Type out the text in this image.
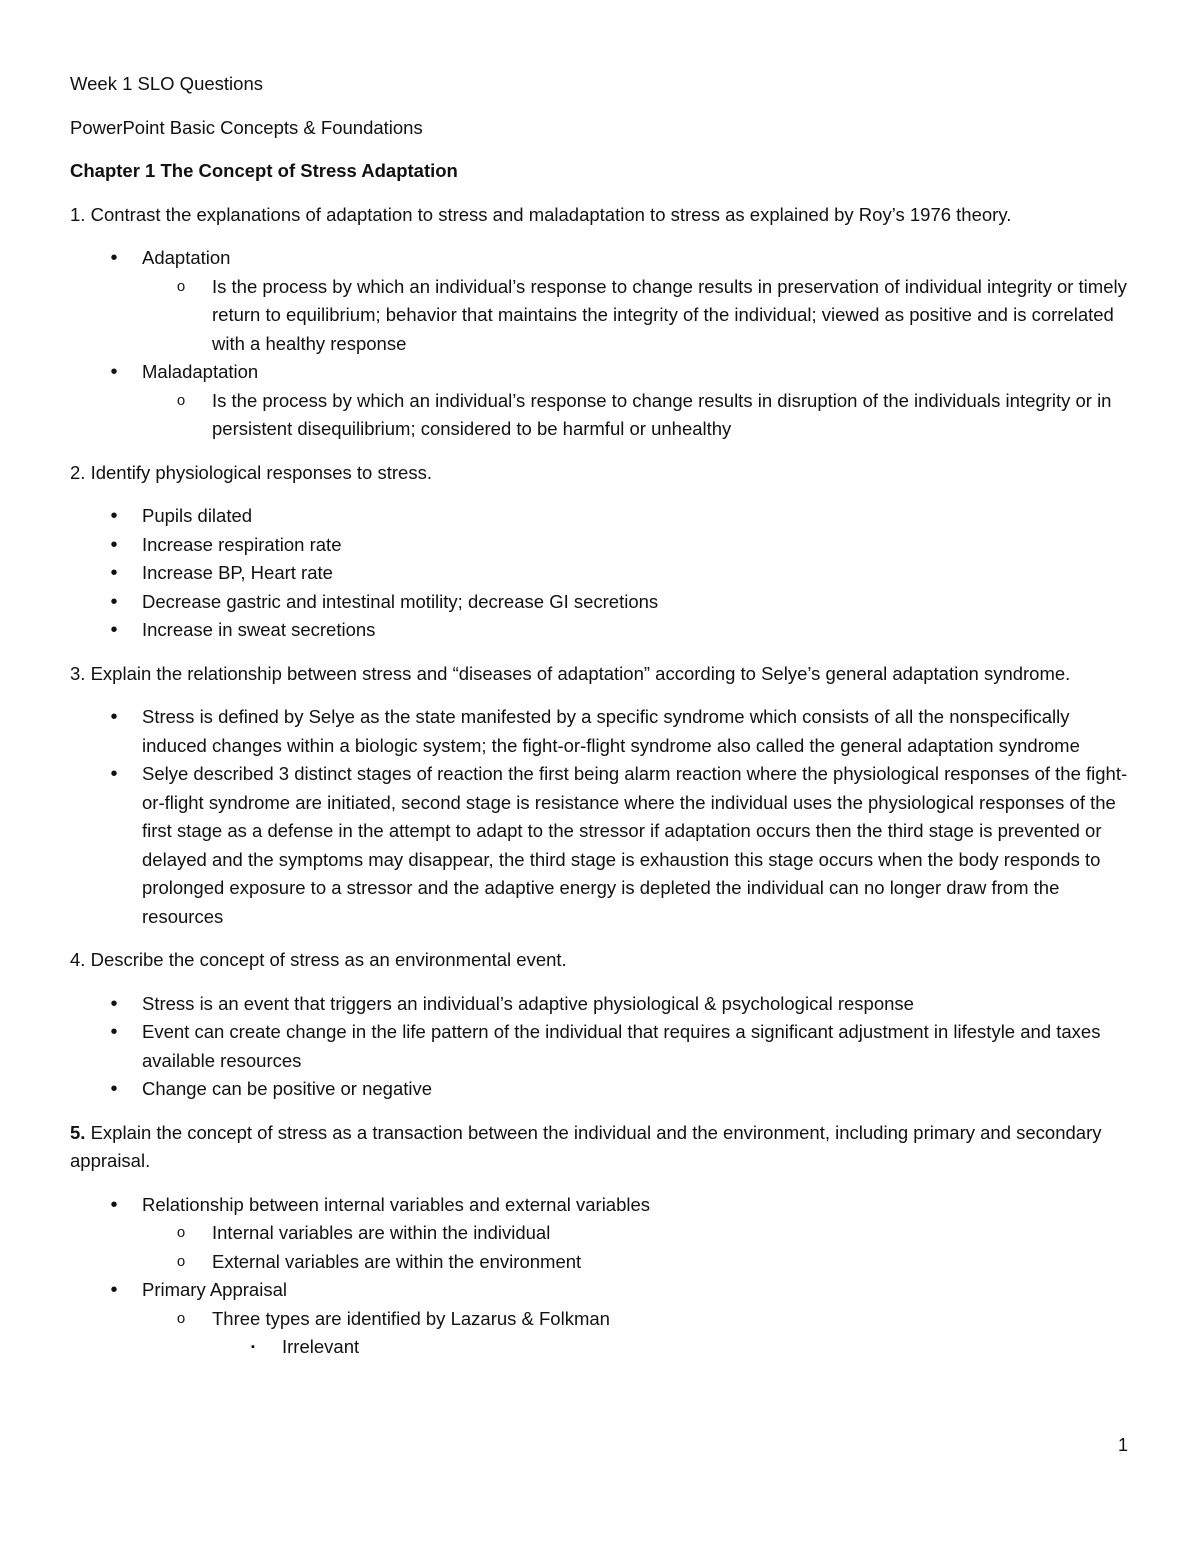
Week 1 SLO Questions

PowerPoint Basic Concepts & Foundations

Chapter 1 The Concept of Stress Adaptation

1. Contrast the explanations of adaptation to stress and maladaptation to stress as explained by Roy’s 1976 theory.

•	Adaptation
o	Is the process by which an individual’s response to change results in preservation of individual integrity or timely return to equilibrium; behavior that maintains the integrity of the individual; viewed as positive and is correlated with a healthy response
•	Maladaptation
o	Is the process by which an individual’s response to change results in disruption of the individuals integrity or in persistent disequilibrium; considered to be harmful or unhealthy

2. Identify physiological responses to stress.

•	Pupils dilated
•	Increase respiration rate
•	Increase BP, Heart rate
•	Decrease gastric and intestinal motility; decrease GI secretions
•	Increase in sweat secretions

3. Explain the relationship between stress and “diseases of adaptation” according to Selye’s general adaptation syndrome.

•	Stress is defined by Selye as the state manifested by a specific syndrome which consists of all the nonspecifically induced changes within a biologic system; the fight-or-flight syndrome also called the general adaptation syndrome
•	Selye described 3 distinct stages of reaction the first being alarm reaction where the physiological responses of the fight-or-flight syndrome are initiated, second stage is resistance where the individual uses the physiological responses of the first stage as a defense in the attempt to adapt to the stressor if adaptation occurs then the third stage is prevented or delayed and the symptoms may disappear, the third stage is exhaustion this stage occurs when the body responds to prolonged exposure to a stressor and the adaptive energy is depleted the individual can no longer draw from the resources

4. Describe the concept of stress as an environmental event.

•	Stress is an event that triggers an individual’s adaptive physiological & psychological response
•	Event can create change in the life pattern of the individual that requires a significant adjustment in lifestyle and taxes available resources
•	Change can be positive or negative

5. Explain the concept of stress as a transaction between the individual and the environment, including primary and secondary appraisal.

•	Relationship between internal variables and external variables
o	Internal variables are within the individual
o	External variables are within the environment
•	Primary Appraisal
o	Three types are identified by Lazarus & Folkman
▪	Irrelevant
1
